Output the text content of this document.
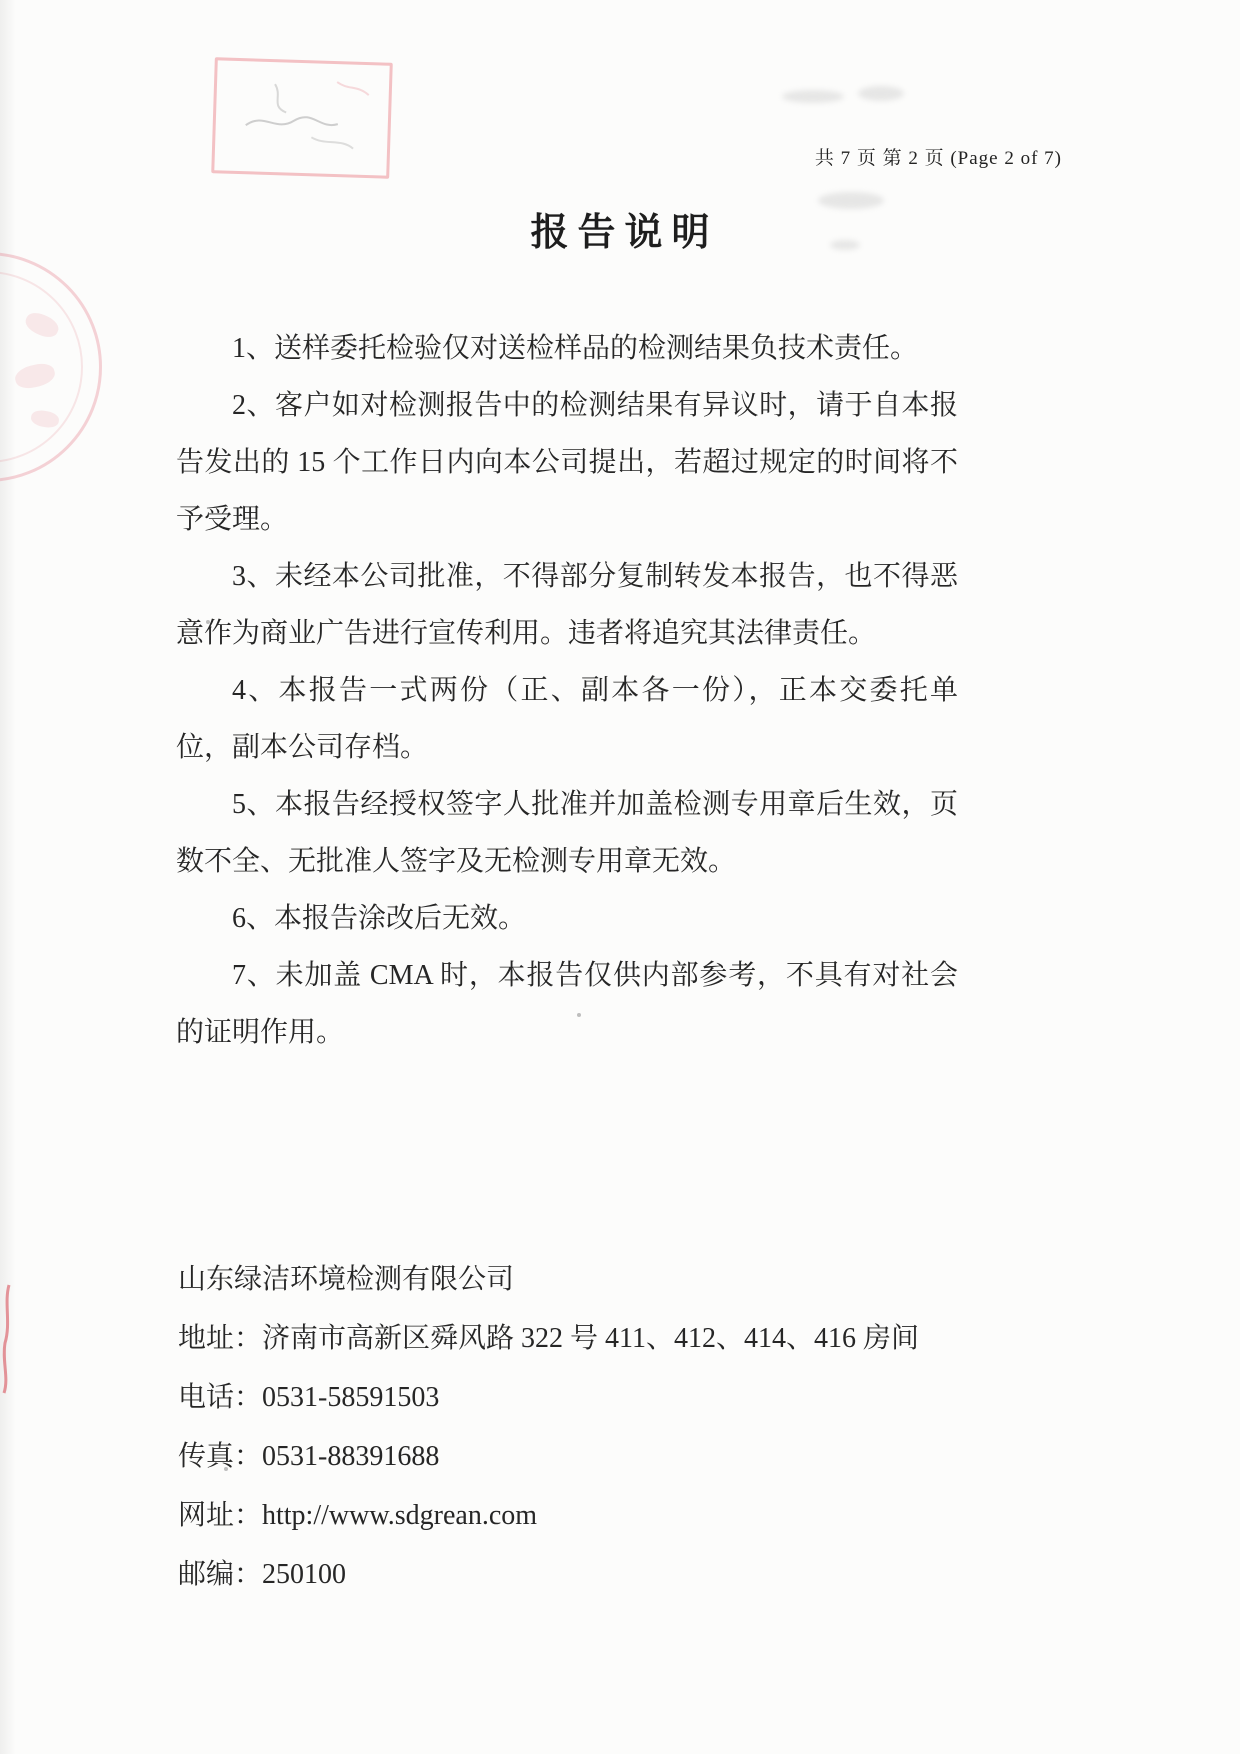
共 7 页 第 2 页 (Page 2 of 7)
报告说明

1、送样委托检验仅对送检样品的检测结果负技术责任。

2、客户如对检测报告中的检测结果有异议时，请于自本报告发出的 15 个工作日内向本公司提出，若超过规定的时间将不予受理。

3、未经本公司批准，不得部分复制转发本报告，也不得恶意作为商业广告进行宣传利用。违者将追究其法律责任。

4、本报告一式两份（正、副本各一份），正本交委托单位，副本公司存档。

5、本报告经授权签字人批准并加盖检测专用章后生效，页数不全、无批准人签字及无检测专用章无效。

6、本报告涂改后无效。

7、未加盖 CMA 时，本报告仅供内部参考，不具有对社会的证明作用。

山东绿洁环境检测有限公司
地址：济南市高新区舜风路 322 号 411、412、414、416 房间
电话：0531-58591503
传真：0531-88391688
网址：http://www.sdgrean.com
邮编：250100
